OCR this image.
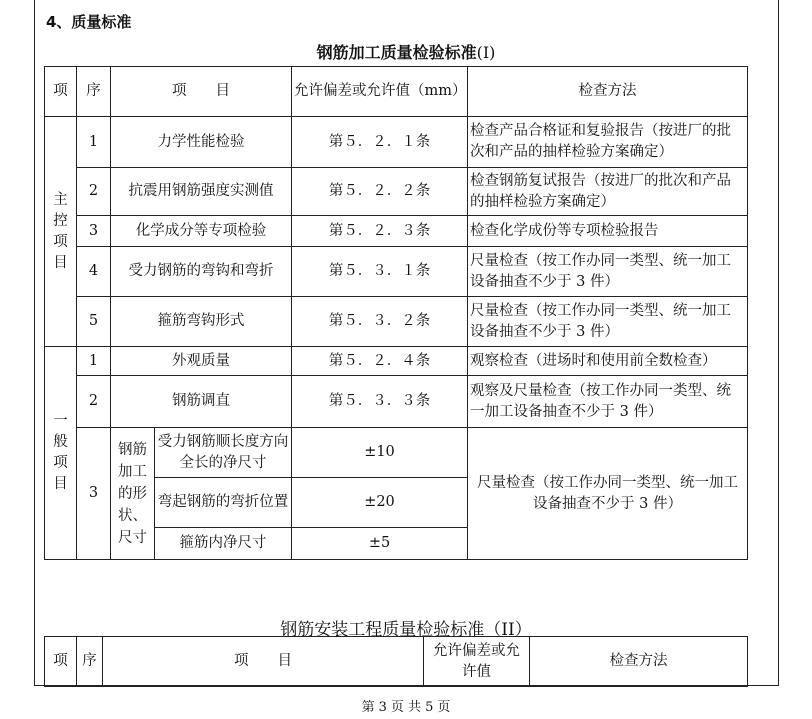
4、质量标准
钢筋加工质量检验标准(I)
项	序	项　　目		允许偏差或允许值（mm）	检查方法
主控项目	1	力学性能检验		第５．２．１条	检查产品合格证和复验报告（按进厂的批次和产品的抽样检验方案确定）
	2	抗震用钢筋强度实测值		第５．２．２条	检查钢筋复试报告（按进厂的批次和产品的抽样检验方案确定）
	3	化学成分等专项检验		第５．２．３条	检查化学成份等专项检验报告
	4	受力钢筋的弯钩和弯折		第５．３．１条	尺量检查（按工作办同一类型、统一加工设备抽查不少于 3 件）
	5	箍筋弯钩形式		第５．３．２条	尺量检查（按工作办同一类型、统一加工设备抽查不少于 3 件）
一般项目	1	外观质量		第５．２．４条	观察检查（进场时和使用前全数检查）
	2	钢筋调直		第５．３．３条	观察及尺量检查（按工作办同一类型、统一加工设备抽查不少于 3 件）
	3	钢筋加工的形状、尺寸	受力钢筋顺长度方向全长的净尺寸	±10	尺量检查（按工作办同一类型、统一加工设备抽查不少于 3 件）
			弯起钢筋的弯折位置	±20	
			箍筋内净尺寸	±5	
钢筋安装工程质量检验标准（II）
项	序	项　　目	允许偏差或允许值	检查方法
第 3 页 共 5 页
